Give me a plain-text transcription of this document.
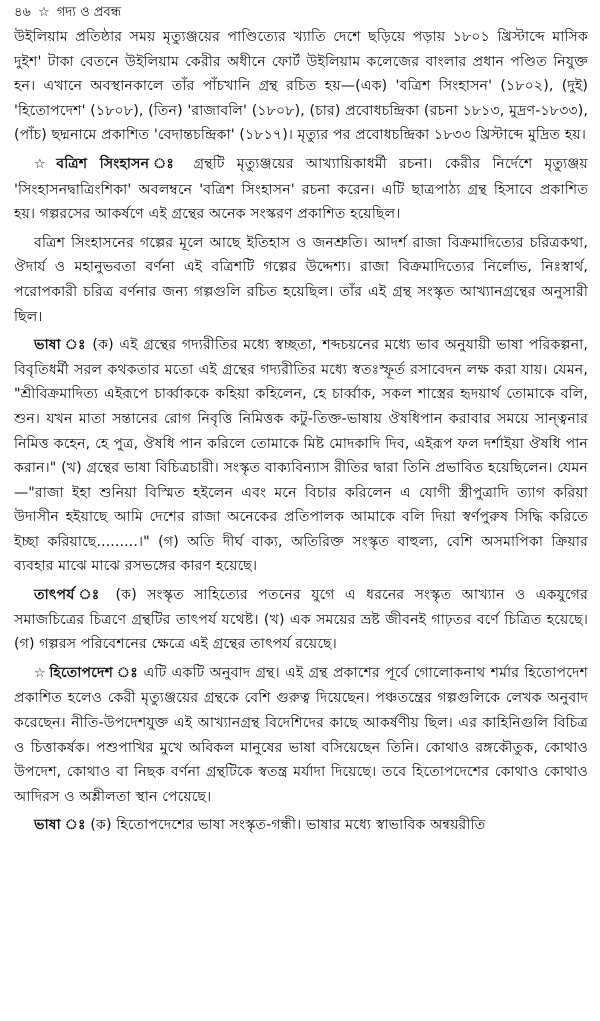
৪৬ ☆ গদ্য ও প্রবন্ধ

উইলিয়াম প্রতিষ্ঠার সময় মৃত্যুঞ্জয়ের পাণ্ডিত্যের খ্যাতি দেশে ছড়িয়ে পড়ায় ১৮০১ খ্রিস্টাব্দে মাসিক দুইশ' টাকা বেতনে উইলিয়াম কেরীর অধীনে ফোর্ট উইলিয়াম কলেজের বাংলার প্রধান পণ্ডিত নিযুক্ত হন। এখানে অবস্থানকালে তাঁর পাঁচখানি গ্রন্থ রচিত হয়—(এক) 'বত্রিশ সিংহাসন' (১৮০২), (দুই) 'হিতোপদেশ' (১৮০৮), (তিন) 'রাজাবলি' (১৮০৮), (চার) প্রবোধচন্দ্রিকা (রচনা ১৮১৩, মুদ্রণ-১৮৩৩), (পাঁচ) ছদ্মনামে প্রকাশিত 'বেদান্তচন্দ্রিকা' (১৮১৭)। মৃত্যুর পর প্রবোধচন্দ্রিকা ১৮৩৩ খ্রিস্টাব্দে মুদ্রিত হয়।

☆ বত্রিশ সিংহাসন ঃ গ্রন্থটি মৃত্যুঞ্জয়ের আখ্যায়িকাধর্মী রচনা। কেরীর নির্দেশে মৃত্যুঞ্জয় 'সিংহাসনদ্বাত্রিংশিকা' অবলম্বনে 'বত্রিশ সিংহাসন' রচনা করেন। এটি ছাত্রপাঠ্য গ্রন্থ হিসাবে প্রকাশিত হয়। গল্পরসের আকর্ষণে এই গ্রন্থের অনেক সংস্করণ প্রকাশিত হয়েছিল।

বত্রিশ সিংহাসনের গল্পের মূলে আছে ইতিহাস ও জনশ্রুতি। আদর্শ রাজা বিক্রমাদিত্যের চরিত্রকথা, ঔদার্য ও মহানুভবতা বর্ণনা এই বত্রিশটি গল্পের উদ্দেশ্য। রাজা বিক্রমাদিত্যের নির্লোভ, নিঃস্বার্থ, পরোপকারী চরিত্র বর্ণনার জন্য গল্পগুলি রচিত হয়েছিল। তাঁর এই গ্রন্থ সংস্কৃত আখ্যানগ্রন্থের অনুসারী ছিল।

ভাষা ঃ (ক) এই গ্রন্থের গদ্যরীতির মধ্যে স্বচ্ছতা, শব্দচয়নের মধ্যে ভাব অনুযায়ী ভাষা পরিকল্পনা, বিবৃতিধর্মী সরল কথকতার মতো এই গ্রন্থের গদ্যরীতির মধ্যে স্বতঃস্ফূর্ত রসাবেদন লক্ষ করা যায়। যেমন, "শ্রীবিক্রমাদিত্য এইরূপে চার্ব্বাককে কহিয়া কহিলেন, হে চার্ব্বাক, সকল শাস্ত্রের হৃদয়ার্থ তোমাকে বলি, শুন। যখন মাতা সন্তানের রোগ নিবৃত্তি নিমিত্তক কটু-তিক্ত-ভাষায় ঔষধিপান করাবার সময়ে সান্ত্বনার নিমিত্ত কহেন, হে পুত্র, ঔষধি পান করিলে তোমাকে মিষ্ট মোদকাদি দিব, এইরূপ ফল দর্শাইয়া ঔষধি পান করান।" (খ) গ্রন্থের ভাষা বিচিত্রচারী। সংস্কৃত বাক্যবিন্যাস রীতির দ্বারা তিনি প্রভাবিত হয়েছিলেন। যেমন—"রাজা ইহা শুনিয়া বিস্মিত হইলেন এবং মনে বিচার করিলেন এ যোগী স্ত্রীপুত্রাদি ত্যাগ করিয়া উদাসীন হইয়াছে আমি দেশের রাজা অনেকের প্রতিপালক আমাকে বলি দিয়া স্বর্ণপুরুষ সিদ্ধি করিতে ইচ্ছা করিয়াছে.........।" (গ) অতি দীর্ঘ বাক্য, অতিরিক্ত সংস্কৃত বাহুল্য, বেশি অসমাপিকা ক্রিয়ার ব্যবহার মাঝে মাঝে রসভঙ্গের কারণ হয়েছে।

তাৎপর্য ঃ (ক) সংস্কৃত সাহিত্যের পতনের যুগে এ ধরনের সংস্কৃত আখ্যান ও একযুগের সমাজচিত্রের চিত্রণে গ্রন্থটির তাৎপর্য যথেষ্ট। (খ) এক সময়ের ভ্রষ্ট জীবনই গাঢ়তর বর্ণে চিত্রিত হয়েছে। (গ) গল্পরস পরিবেশনের ক্ষেত্রে এই গ্রন্থের তাৎপর্য রয়েছে।

☆ হিতোপদেশ ঃ এটি একটি অনুবাদ গ্রন্থ। এই গ্রন্থ প্রকাশের পূর্বে গোলোকনাথ শর্মার হিতোপদেশ প্রকাশিত হলেও কেরী মৃত্যুঞ্জয়ের গ্রন্থকে বেশি গুরুত্ব দিয়েছেন। পঞ্চতন্ত্রের গল্পগুলিকে লেখক অনুবাদ করেছেন। নীতি-উপদেশযুক্ত এই আখ্যানগ্রন্থ বিদেশিদের কাছে আকর্ষণীয় ছিল। এর কাহিনিগুলি বিচিত্র ও চিত্তাকর্ষক। পশুপাখির মুখে অবিকল মানুষের ভাষা বসিয়েছেন তিনি। কোথাও রঙ্গকৌতুক, কোথাও উপদেশ, কোথাও বা নিছক বর্ণনা গ্রন্থটিকে স্বতন্ত্র মর্যাদা দিয়েছে। তবে হিতোপদেশের কোথাও কোথাও আদিরস ও অশ্লীলতা স্থান পেয়েছে।

ভাষা ঃ (ক) হিতোপদেশের ভাষা সংস্কৃত-গন্ধী। ভাষার মধ্যে স্বাভাবিক অন্বয়রীতি
